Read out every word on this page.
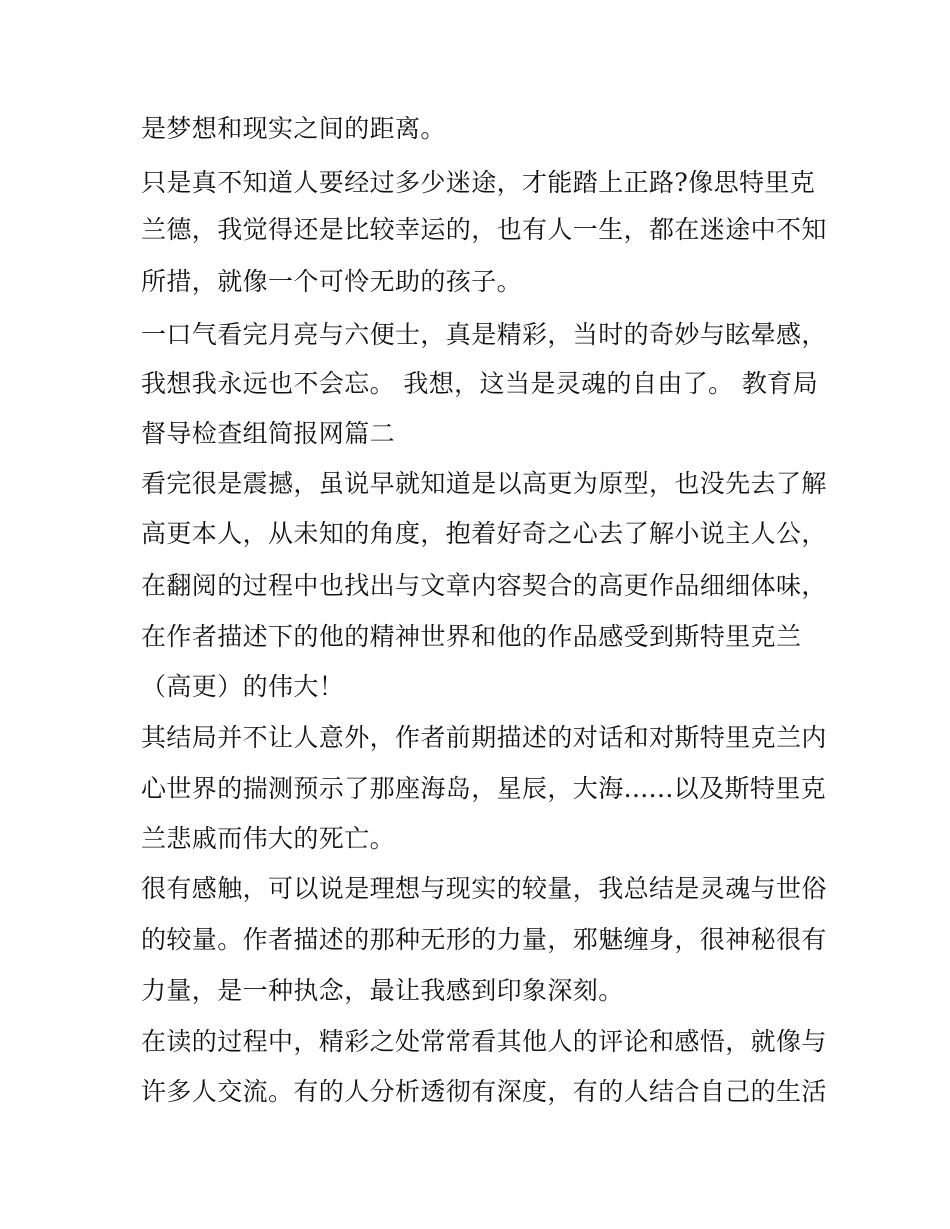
是梦想和现实之间的距离。
只是真不知道人要经过多少迷途，才能踏上正路?像思特里克
兰德，我觉得还是比较幸运的，也有人一生，都在迷途中不知
所措，就像一个可怜无助的孩子。
一口气看完月亮与六便士，真是精彩，当时的奇妙与眩晕感，
我想我永远也不会忘。 我想，这当是灵魂的自由了。 教育局
督导检查组简报网篇二
看完很是震撼，虽说早就知道是以高更为原型，也没先去了解
高更本人，从未知的角度，抱着好奇之心去了解小说主人公，
在翻阅的过程中也找出与文章内容契合的高更作品细细体味，
在作者描述下的他的精神世界和他的作品感受到斯特里克兰
（高更）的伟大！
其结局并不让人意外，作者前期描述的对话和对斯特里克兰内
心世界的揣测预示了那座海岛，星辰，大海......以及斯特里克
兰悲戚而伟大的死亡。
很有感触，可以说是理想与现实的较量，我总结是灵魂与世俗
的较量。作者描述的那种无形的力量，邪魅缠身，很神秘很有
力量，是一种执念，最让我感到印象深刻。
在读的过程中，精彩之处常常看其他人的评论和感悟，就像与
许多人交流。有的人分析透彻有深度，有的人结合自己的生活
